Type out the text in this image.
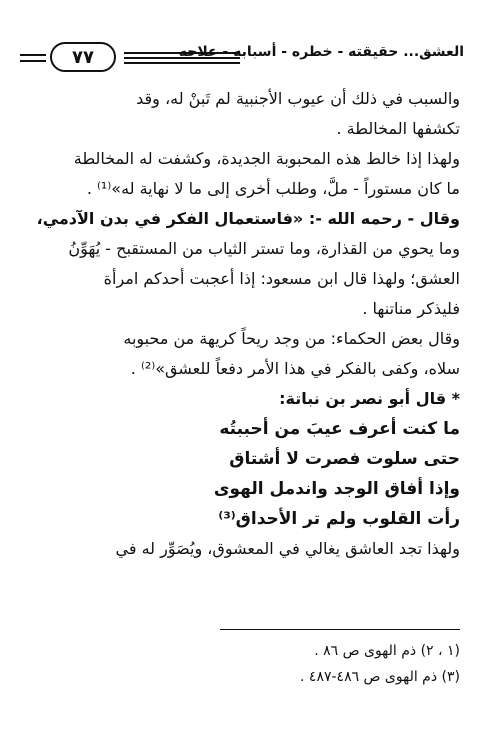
٧٧	العشق... حقيقته - خطره - أسبابه - علاجه
والسبب في ذلك أن عيوب الأجنبية لم تَبنْ له، وقد
تكشفها المخالطة .
ولهذا إذا خالط هذه المحبوبة الجديدة، وكشفت له المخالطة
ما كان مستوراً - ملَّ، وطلب أخرى إلى ما لا نهاية له»⁽¹⁾ .
وقال - رحمه الله -: «فاستعمال الفكر في بدن الآدمي،
وما يحوي من القذارة، وما تستر الثياب من المستقبح - يُهَوِّنُ
العشق؛ ولهذا قال ابن مسعود: إذا أعجبت أحدكم امرأة
فليذكر مناتنها .
وقال بعض الحكماء: من وجد ريحاً كريهة من محبوبه
سلاه، وكفى بالفكر في هذا الأمر دفعاً للعشق»⁽²⁾ .
* قال أبو نصر بن نباتة:
ما كنت أعرف عيبَ من أحببتُه
حتى سلوت فصرت لا أشتاق
وإذا أفاق الوجد واندمل الهوى
رأت القلوب ولم تر الأحداق⁽³⁾
ولهذا تجد العاشق يغالي في المعشوق، ويُصَوِّر له في
(١ ، ٢) ذم الهوى ص ٨٦ .
(٣) ذم الهوى ص ٤٨٦-٤٨٧ .
